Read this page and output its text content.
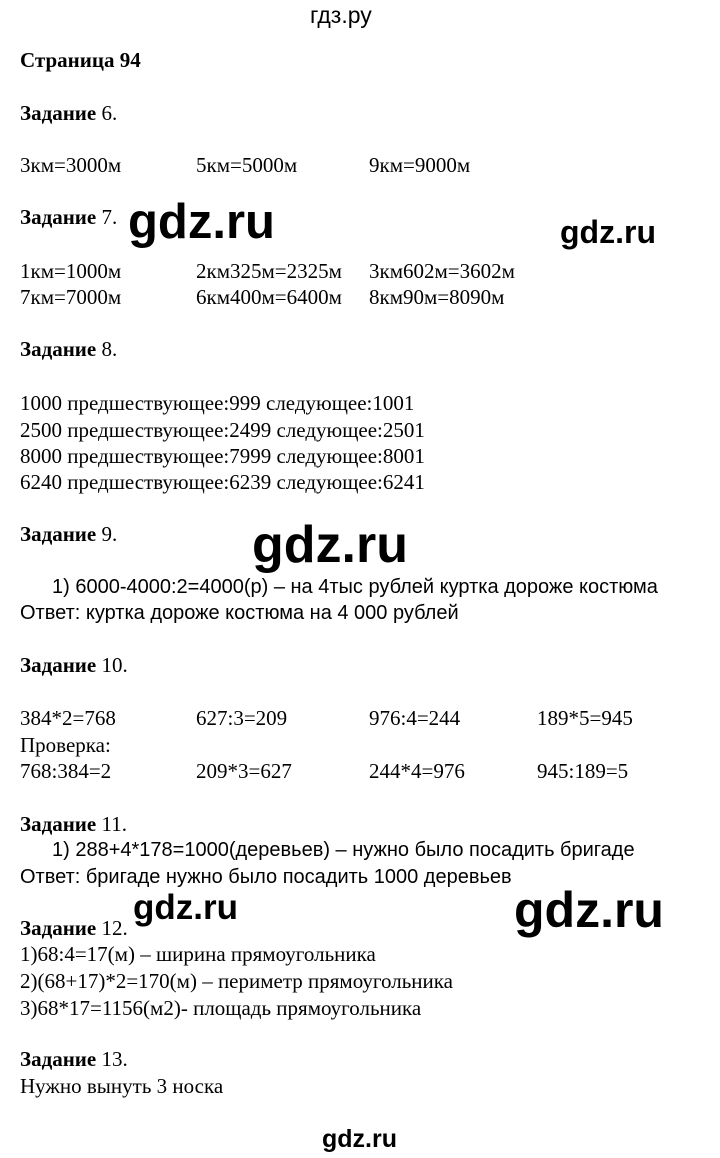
гдз.ру
Страница 94
Задание 6.
3км=3000м	5км=5000м	9км=9000м
Задание 7.
1км=1000м	2км325м=2325м 3км602м=3602м
7км=7000м	6км400м=6400м 8км90м=8090м
Задание 8.
1000 предшествующее:999 следующее:1001
2500 предшествующее:2499 следующее:2501
8000 предшествующее:7999 следующее:8001
6240 предшествующее:6239 следующее:6241
Задание 9.
1) 6000-4000:2=4000(р) – на 4тыс рублей куртка дороже костюма
Ответ: куртка дороже костюма на 4 000 рублей
Задание 10.
384*2=768	627:3=209	976:4=244	189*5=945
Проверка:
768:384=2	209*3=627	244*4=976	945:189=5
Задание 11.
1) 288+4*178=1000(деревьев) – нужно было посадить бригаде
Ответ: бригаде нужно было посадить 1000 деревьев
Задание 12.
1)68:4=17(м) – ширина прямоугольника
2)(68+17)*2=170(м) – периметр прямоугольника
3)68*17=1156(м2)- площадь прямоугольника
Задание 13.
Нужно вынуть 3 носка
gdz.ru	gdz.ru
gdz.ru
gdz.ru	gdz.ru
gdz.ru
